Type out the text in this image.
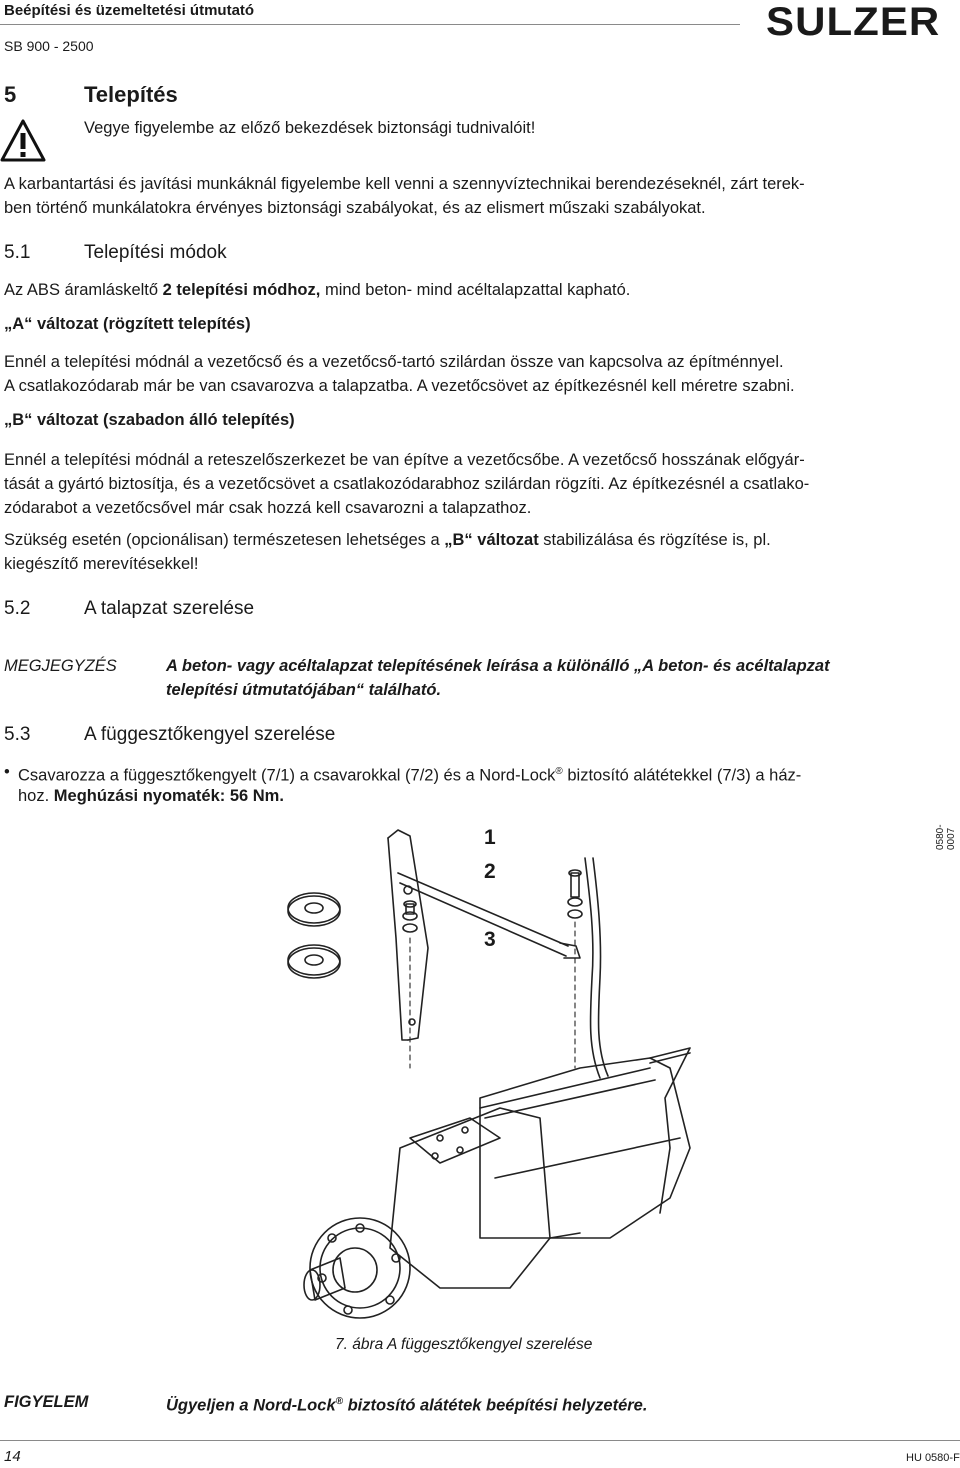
Beépítési és üzemeltetési útmutató
SB 900 - 2500
SULZER
5	Telepítés
Vegye figyelembe az előző bekezdések biztonsági tudnivalóit!
A karbantartási és javítási munkáknál figyelembe kell venni a szennyvíztechnikai berendezéseknél, zárt terek-
ben történő munkálatokra érvényes biztonsági szabályokat, és az elismert műszaki szabályokat.
5.1	Telepítési módok
Az ABS áramláskeltő 2 telepítési módhoz, mind beton- mind acéltalapzattal kapható.
„A“ változat (rögzített telepítés)
Ennél a telepítési módnál a vezetőcső és a vezetőcső-tartó szilárdan össze van kapcsolva az építménnyel.
A csatlakozódarab már be van csavarozva a talapzatba. A vezetőcsövet az építkezésnél kell méretre szabni.
„B“ változat (szabadon álló telepítés)
Ennél a telepítési módnál a reteszelőszerkezet be van építve a vezetőcsőbe. A vezetőcső hosszának előgyár-
tását a gyártó biztosítja, és a vezetőcsövet a csatlakozódarabhoz szilárdan rögzíti. Az építkezésnél a csatlako-
zódarabot a vezetőcsővel már csak hozzá kell csavarozni a talapzathoz.
Szükség esetén (opcionálisan) természetesen lehetséges a „B“ változat stabilizálása és rögzítése is, pl.
kiegészítő merevítésekkel!
5.2	A talapzat szerelése
MEGJEGYZÉS	A beton- vagy acéltalapzat telepítésének leírása a különálló „A beton- és acéltalapzat
telepítési útmutatójában“ található.
5.3	A függesztőkengyel szerelése
• Csavarozza a függesztőkengyelt (7/1) a csavarokkal (7/2) és a Nord-Lock® biztosító alátétekkel (7/3) a ház-
hoz. Meghúzási nyomaték: 56 Nm.
1
2
3
0580-0007
7. ábra A függesztőkengyel szerelése
FIGYELEM	Ügyeljen a Nord-Lock® biztosító alátétek beépítési helyzetére.
14	HU 0580-F
